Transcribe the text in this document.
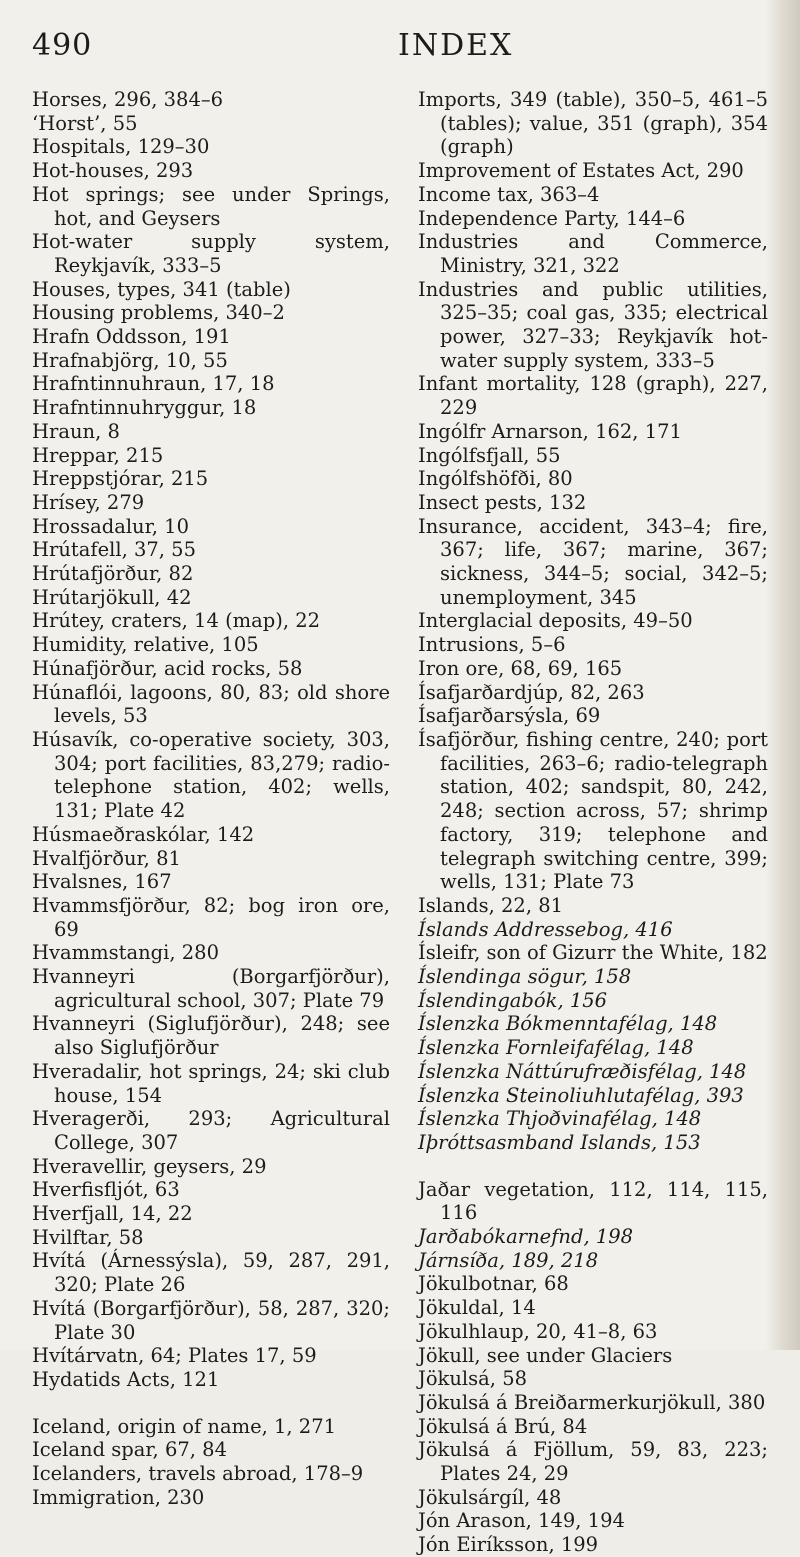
490	INDEX
Horses, 296, 384–6
‘Horst’, 55
Hospitals, 129–30
Hot-houses, 293
Hot springs; see under Springs, hot, and Geysers
Hot-water supply system, Reykjavík, 333–5
Houses, types, 341 (table)
Housing problems, 340–2
Hrafn Oddsson, 191
Hrafnabjörg, 10, 55
Hrafntinnuhraun, 17, 18
Hrafntinnuhryggur, 18
Hraun, 8
Hreppar, 215
Hreppstjórar, 215
Hrísey, 279
Hrossadalur, 10
Hrútafell, 37, 55
Hrútafjörður, 82
Hrútarjökull, 42
Hrútey, craters, 14 (map), 22
Humidity, relative, 105
Húnafjörður, acid rocks, 58
Húnaflói, lagoons, 80, 83; old shore levels, 53
Húsavík, co-operative society, 303, 304; port facilities, 83,279; radio-telephone station, 402; wells, 131; Plate 42
Húsmaeðraskólar, 142
Hvalfjörður, 81
Hvalsnes, 167
Hvammsfjörður, 82; bog iron ore, 69
Hvammstangi, 280
Hvanneyri (Borgarfjörður), agricultural school, 307; Plate 79
Hvanneyri (Siglufjörður), 248; see also Siglufjörður
Hveradalir, hot springs, 24; ski club house, 154
Hveragerði, 293; Agricultural College, 307
Hveravellir, geysers, 29
Hverfisfljót, 63
Hverfjall, 14, 22
Hvilftar, 58
Hvítá (Árnessýsla), 59, 287, 291, 320; Plate 26
Hvítá (Borgarfjörður), 58, 287, 320; Plate 30
Hvítárvatn, 64; Plates 17, 59
Hydatids Acts, 121
Iceland, origin of name, 1, 271
Iceland spar, 67, 84
Icelanders, travels abroad, 178–9
Immigration, 230
Imports, 349 (table), 350–5, 461–5 (tables); value, 351 (graph), 354 (graph)
Improvement of Estates Act, 290
Income tax, 363–4
Independence Party, 144–6
Industries and Commerce, Ministry, 321, 322
Industries and public utilities, 325–35; coal gas, 335; electrical power, 327–33; Reykjavík hot-water supply system, 333–5
Infant mortality, 128 (graph), 227, 229
Ingólfr Arnarson, 162, 171
Ingólfsfjall, 55
Ingólfshöfði, 80
Insect pests, 132
Insurance, accident, 343–4; fire, 367; life, 367; marine, 367; sickness, 344–5; social, 342–5; unemployment, 345
Interglacial deposits, 49–50
Intrusions, 5–6
Iron ore, 68, 69, 165
Ísafjarðardjúp, 82, 263
Ísafjarðarsýsla, 69
Ísafjörður, fishing centre, 240; port facilities, 263–6; radio-telegraph station, 402; sandspit, 80, 242, 248; section across, 57; shrimp factory, 319; telephone and telegraph switching centre, 399; wells, 131; Plate 73
Islands, 22, 81
Íslands Addressebog, 416
Ísleifr, son of Gizurr the White, 182
Íslendinga sögur, 158
Íslendingabók, 156
Íslenzka Bókmenntafélag, 148
Íslenzka Fornleifafélag, 148
Íslenzka Náttúrufræðisfélag, 148
Íslenzka Steinoliuhlutafélag, 393
Íslenzka Thjoðvinafélag, 148
Iþróttsasmband Islands, 153
Jaðar vegetation, 112, 114, 115, 116
Jarðabókarnefnd, 198
Járnsíða, 189, 218
Jökulbotnar, 68
Jökuldal, 14
Jökulhlaup, 20, 41–8, 63
Jökull, see under Glaciers
Jökulsá, 58
Jökulsá á Breiðarmerkurjökull, 380
Jökulsá á Brú, 84
Jökulsá á Fjöllum, 59, 83, 223; Plates 24, 29
Jökulsárgíl, 48
Jón Arason, 149, 194
Jón Eiríksson, 199
